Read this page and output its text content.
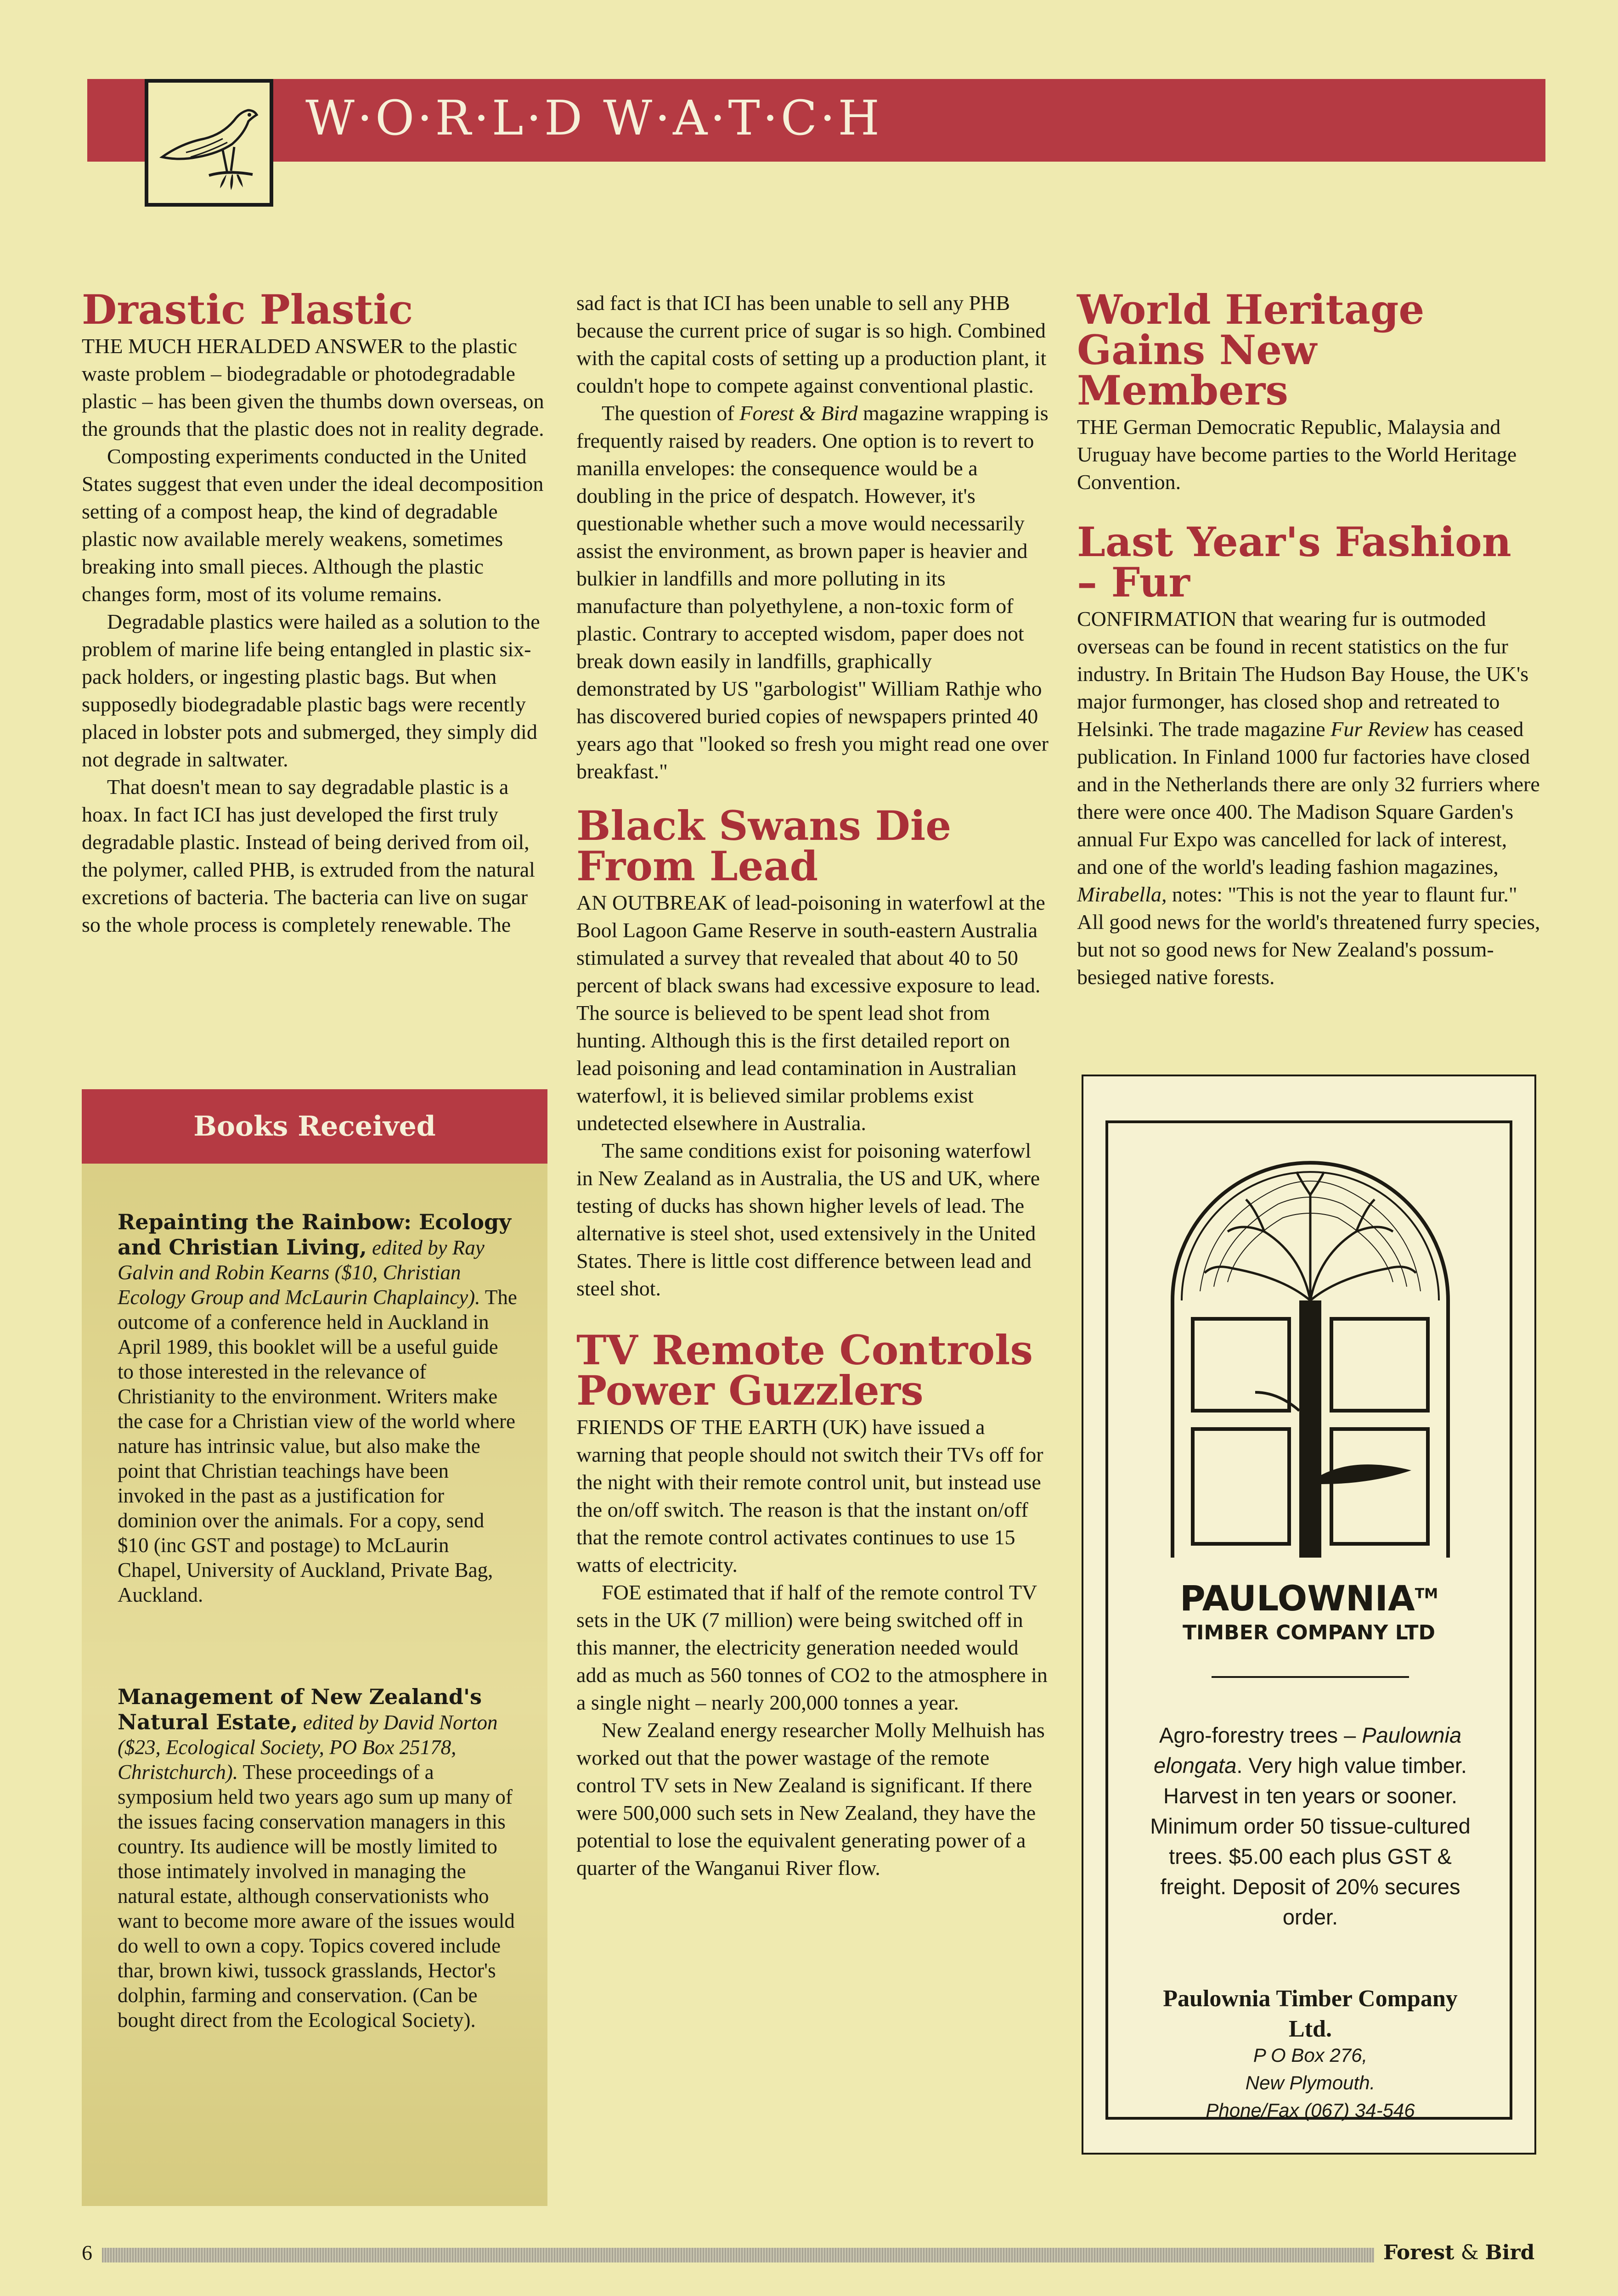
W·O·R·L·D W·A·T·C·H
Drastic Plastic

THE MUCH HERALDED ANSWER to the plastic waste problem – biodegradable or photodegradable plastic – has been given the thumbs down overseas, on the grounds that the plastic does not in reality degrade.

Composting experiments conducted in the United States suggest that even under the ideal decomposition setting of a compost heap, the kind of degradable plastic now available merely weakens, sometimes breaking into small pieces. Although the plastic changes form, most of its volume remains.

Degradable plastics were hailed as a solution to the problem of marine life being entangled in plastic six-pack holders, or ingesting plastic bags. But when supposedly biodegradable plastic bags were recently placed in lobster pots and submerged, they simply did not degrade in saltwater.

That doesn't mean to say degradable plastic is a hoax. In fact ICI has just developed the first truly degradable plastic. Instead of being derived from oil, the polymer, called PHB, is extruded from the natural excretions of bacteria. The bacteria can live on sugar so the whole process is completely renewable. The

Books Received
Repainting the Rainbow: Ecology and Christian Living, edited by Ray Galvin and Robin Kearns ($10, Christian Ecology Group and McLaurin Chaplaincy). The outcome of a conference held in Auckland in April 1989, this booklet will be a useful guide to those interested in the relevance of Christianity to the environment. Writers make the case for a Christian view of the world where nature has intrinsic value, but also make the point that Christian teachings have been invoked in the past as a justification for dominion over the animals. For a copy, send $10 (inc GST and postage) to McLaurin Chapel, University of Auckland, Private Bag, Auckland.
Management of New Zealand's Natural Estate, edited by David Norton ($23, Ecological Society, PO Box 25178, Christchurch). These proceedings of a symposium held two years ago sum up many of the issues facing conservation managers in this country. Its audience will be mostly limited to those intimately involved in managing the natural estate, although conservationists who want to become more aware of the issues would do well to own a copy. Topics covered include thar, brown kiwi, tussock grasslands, Hector's dolphin, farming and conservation. (Can be bought direct from the Ecological Society).

sad fact is that ICI has been unable to sell any PHB because the current price of sugar is so high. Combined with the capital costs of setting up a production plant, it couldn't hope to compete against conventional plastic.

The question of Forest & Bird magazine wrapping is frequently raised by readers. One option is to revert to manilla envelopes: the consequence would be a doubling in the price of despatch. However, it's questionable whether such a move would necessarily assist the environment, as brown paper is heavier and bulkier in landfills and more polluting in its manufacture than polyethylene, a non-toxic form of plastic. Contrary to accepted wisdom, paper does not break down easily in landfills, graphically demonstrated by US "garbologist" William Rathje who has discovered buried copies of newspapers printed 40 years ago that "looked so fresh you might read one over breakfast."

Black Swans Die From Lead

AN OUTBREAK of lead-poisoning in waterfowl at the Bool Lagoon Game Reserve in south-eastern Australia stimulated a survey that revealed that about 40 to 50 percent of black swans had excessive exposure to lead. The source is believed to be spent lead shot from hunting. Although this is the first detailed report on lead poisoning and lead contamination in Australian waterfowl, it is believed similar problems exist undetected elsewhere in Australia.

The same conditions exist for poisoning waterfowl in New Zealand as in Australia, the US and UK, where testing of ducks has shown higher levels of lead. The alternative is steel shot, used extensively in the United States. There is little cost difference between lead and steel shot.

TV Remote Controls Power Guzzlers

FRIENDS OF THE EARTH (UK) have issued a warning that people should not switch their TVs off for the night with their remote control unit, but instead use the on/off switch. The reason is that the instant on/off that the remote control activates continues to use 15 watts of electricity.

FOE estimated that if half of the remote control TV sets in the UK (7 million) were being switched off in this manner, the electricity generation needed would add as much as 560 tonnes of CO2 to the atmosphere in a single night – nearly 200,000 tonnes a year.

New Zealand energy researcher Molly Melhuish has worked out that the power wastage of the remote control TV sets in New Zealand is significant. If there were 500,000 such sets in New Zealand, they have the potential to lose the equivalent generating power of a quarter of the Wanganui River flow.

World Heritage Gains New Members

THE German Democratic Republic, Malaysia and Uruguay have become parties to the World Heritage Convention.

Last Year's Fashion – Fur

CONFIRMATION that wearing fur is outmoded overseas can be found in recent statistics on the fur industry. In Britain The Hudson Bay House, the UK's major furmonger, has closed shop and retreated to Helsinki. The trade magazine Fur Review has ceased publication. In Finland 1000 fur factories have closed and in the Netherlands there are only 32 furriers where there were once 400. The Madison Square Garden's annual Fur Expo was cancelled for lack of interest, and one of the world's leading fashion magazines, Mirabella, notes: "This is not the year to flaunt fur." All good news for the world's threatened furry species, but not so good news for New Zealand's possum-besieged native forests.

PAULOWNIA™

TIMBER COMPANY LTD

Agro-forestry trees – Paulownia elongata. Very high value timber. Harvest in ten years or sooner. Minimum order 50 tissue-cultured trees. $5.00 each plus GST & freight. Deposit of 20% secures order.

Paulownia Timber Company Ltd.

P O Box 276,
New Plymouth.
Phone/Fax (067) 34-546
6	Forest & Bird
